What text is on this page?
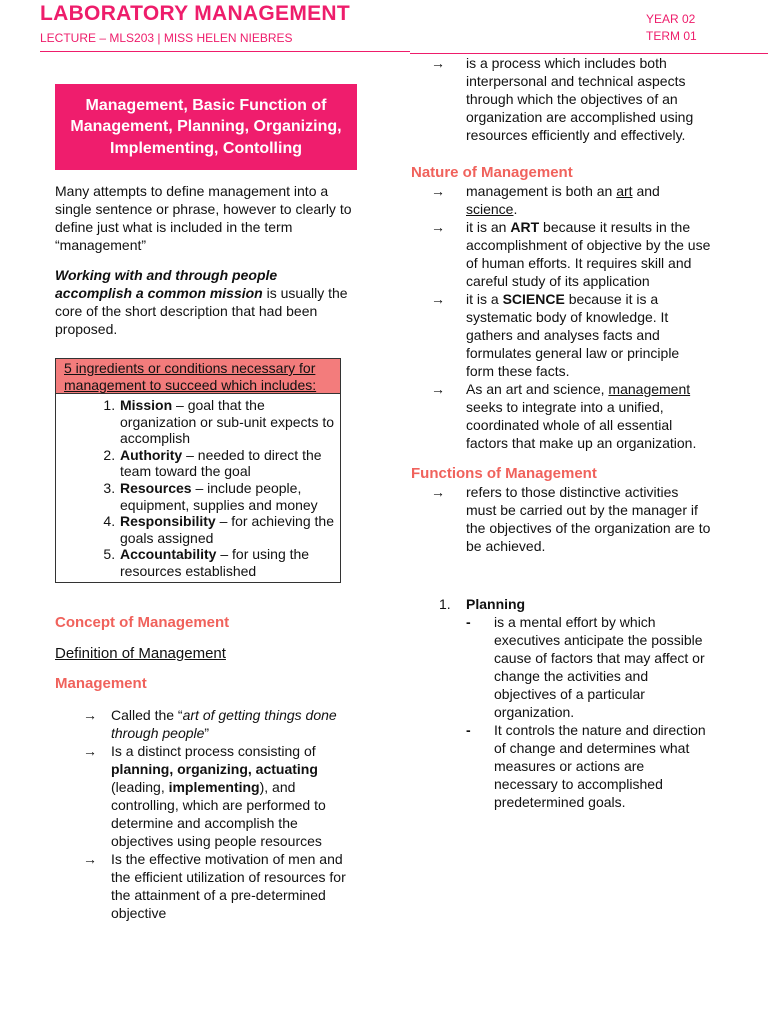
LABORATORY MANAGEMENT
LECTURE – MLS203 | MISS HELEN NIEBRES
YEAR 02
TERM 01
Management, Basic Function of Management, Planning, Organizing, Implementing, Contolling

Many attempts to define management into a single sentence or phrase, however to clearly to define just what is included in the term “management”

Working with and through people accomplish a common mission is usually the core of the short description that had been proposed.

5 ingredients or conditions necessary for management to succeed which includes:
1. Mission – goal that the organization or sub-unit expects to accomplish
2. Authority – needed to direct the team toward the goal
3. Resources – include people, equipment, supplies and money
4. Responsibility – for achieving the goals assigned
5. Accountability – for using the resources established
Concept of Management
Definition of Management
Management
→ Called the “art of getting things done through people”
→ Is a distinct process consisting of planning, organizing, actuating (leading, implementing), and controlling, which are performed to determine and accomplish the objectives using people resources
→ Is the effective motivation of men and the efficient utilization of resources for the attainment of a pre-determined objective
→ is a process which includes both interpersonal and technical aspects through which the objectives of an organization are accomplished using resources efficiently and effectively.
Nature of Management
→ management is both an art and science.
→ it is an ART because it results in the accomplishment of objective by the use of human efforts. It requires skill and careful study of its application
→ it is a SCIENCE because it is a systematic body of knowledge. It gathers and analyses facts and formulates general law or principle form these facts.
→ As an art and science, management seeks to integrate into a unified, coordinated whole of all essential factors that make up an organization.
Functions of Management
→ refers to those distinctive activities must be carried out by the manager if the objectives of the organization are to be achieved.
1. Planning
- is a mental effort by which executives anticipate the possible cause of factors that may affect or change the activities and objectives of a particular organization.
- It controls the nature and direction of change and determines what measures or actions are necessary to accomplished predetermined goals.
